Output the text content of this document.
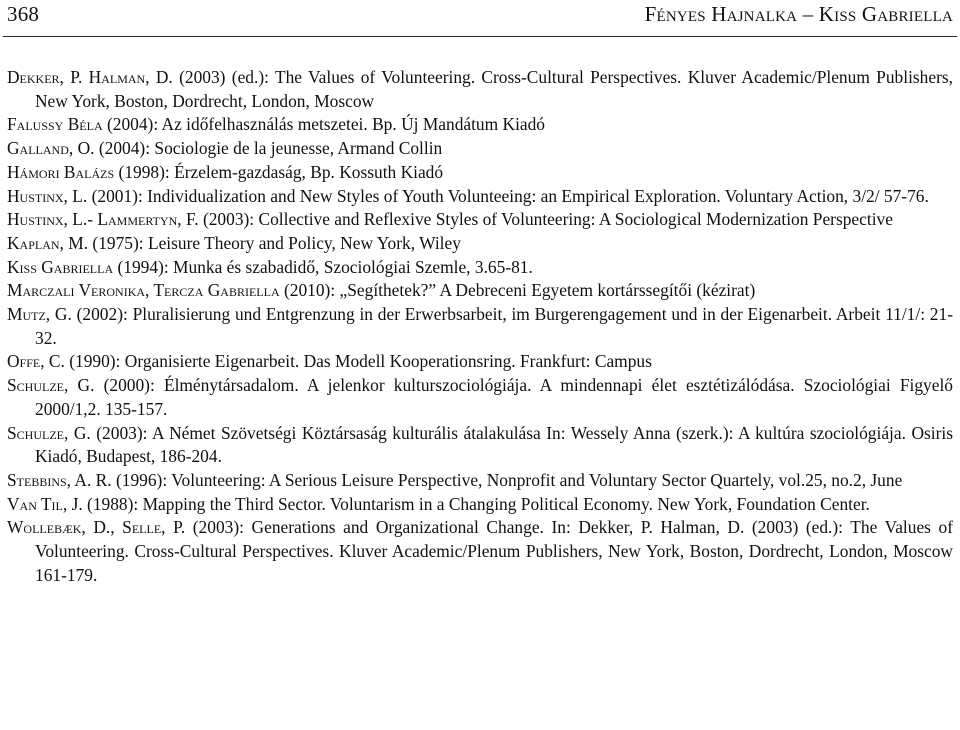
368	Fényes Hajnalka – Kiss Gabriella
Dekker, P. Halman, D. (2003) (ed.): The Values of Volunteering. Cross-Cultural Perspectives. Kluver Academic/Plenum Publishers, New York, Boston, Dordrecht, London, Moscow
Falussy Béla (2004): Az időfelhasználás metszetei. Bp. Új Mandátum Kiadó
Galland, O. (2004): Sociologie de la jeunesse, Armand Collin
Hámori Balázs (1998): Érzelem-gazdaság, Bp. Kossuth Kiadó
Hustinx, L. (2001): Individualization and New Styles of Youth Volunteeing: an Empirical Exploration. Voluntary Action, 3/2/ 57-76.
Hustinx, L.- Lammertyn, F. (2003): Collective and Reflexive Styles of Volunteering: A Sociological Modernization Perspective
Kaplan, M. (1975): Leisure Theory and Policy, New York, Wiley
Kiss Gabriella (1994): Munka és szabadidő, Szociológiai Szemle, 3.65-81.
Marczali Veronika, Tercza Gabriella (2010): „Segíthetek?” A Debreceni Egyetem kortárssegítői (kézirat)
Mutz, G. (2002): Pluralisierung und Entgrenzung in der Erwerbsarbeit, im Burgerengagement und in der Eigenarbeit. Arbeit 11/1/: 21-32.
Offe, C. (1990): Organisierte Eigenarbeit. Das Modell Kooperationsring. Frankfurt: Campus
Schulze, G. (2000): Élménytársadalom. A jelenkor kulturszociológiája. A mindennapi élet esztétizálódása. Szociológiai Figyelő 2000/1,2. 135-157.
Schulze, G. (2003): A Német Szövetségi Köztársaság kulturális átalakulása In: Wessely Anna (szerk.): A kultúra szociológiája. Osiris Kiadó, Budapest, 186-204.
Stebbins, A. R. (1996): Volunteering: A Serious Leisure Perspective, Nonprofit and Voluntary Sector Quartely, vol.25, no.2, June
Van Til, J. (1988): Mapping the Third Sector. Voluntarism in a Changing Political Economy. New York, Foundation Center.
Wollebæk, D., Selle, P. (2003): Generations and Organizational Change. In: Dekker, P. Halman, D. (2003) (ed.): The Values of Volunteering. Cross-Cultural Perspectives. Kluver Academic/Plenum Publishers, New York, Boston, Dordrecht, London, Moscow 161-179.
